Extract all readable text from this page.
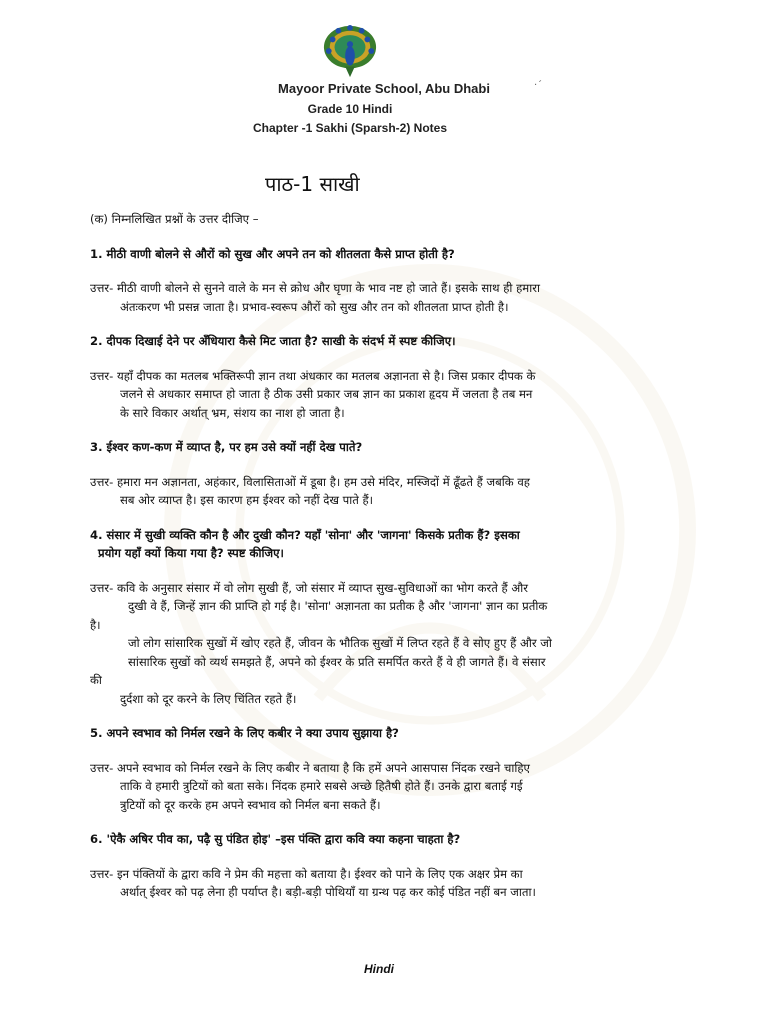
·ˊ
Mayoor Private School, Abu Dhabi
Grade 10 Hindi
Chapter -1 Sakhi (Sparsh-2) Notes
पाठ-1 साखी

(क) निम्नलिखित प्रश्नों के उत्तर दीजिए –

1. मीठी वाणी बोलने से औरों को सुख और अपने तन को शीतलता कैसे प्राप्त होती है?
उत्तर- मीठी वाणी बोलने से सुनने वाले के मन से क्रोध और घृणा के भाव नष्ट हो जाते हैं। इसके साथ ही हमारा
अंतःकरण भी प्रसन्न जाता है। प्रभाव-स्वरूप औरों को सुख और तन को शीतलता प्राप्त होती है।
2. दीपक दिखाई देने पर अँधियारा कैसे मिट जाता है? साखी के संदर्भ में स्पष्ट कीजिए।
उत्तर- यहाँ दीपक का मतलब भक्तिरूपी ज्ञान तथा अंधकार का मतलब अज्ञानता से है। जिस प्रकार दीपक के
जलने से अधकार समाप्त हो जाता है ठीक उसी प्रकार जब ज्ञान का प्रकाश हृदय में जलता है तब मन
के सारे विकार अर्थात् भ्रम, संशय का नाश हो जाता है।
3. ईश्वर कण-कण में व्याप्त है, पर हम उसे क्यों नहीं देख पाते?
उत्तर- हमारा मन अज्ञानता, अहंकार, विलासिताओं में डूबा है। हम उसे मंदिर, मस्जिदों में ढूँढते हैं जबकि वह
सब ओर व्याप्त है। इस कारण हम ईश्वर को नहीं देख पाते हैं।
4. संसार में सुखी व्यक्ति कौन है और दुखी कौन? यहाँ 'सोना' और 'जागना' किसके प्रतीक हैं? इसका
प्रयोग यहाँ क्यों किया गया है? स्पष्ट कीजिए।
उत्तर- कवि के अनुसार संसार में वो लोग सुखी हैं, जो संसार में व्याप्त सुख-सुविधाओं का भोग करते हैं और
दुखी वे हैं, जिन्हें ज्ञान की प्राप्ति हो गई है। 'सोना' अज्ञानता का प्रतीक है और 'जागना' ज्ञान का प्रतीक
है।
जो लोग सांसारिक सुखों में खोए रहते हैं, जीवन के भौतिक सुखों में लिप्त रहते हैं वे सोए हुए हैं और जो
सांसारिक सुखों को व्यर्थ समझते हैं, अपने को ईश्वर के प्रति समर्पित करते हैं वे ही जागते हैं। वे संसार
की
दुर्दशा को दूर करने के लिए चिंतित रहते हैं।
5. अपने स्वभाव को निर्मल रखने के लिए कबीर ने क्या उपाय सुझाया है?
उत्तर- अपने स्वभाव को निर्मल रखने के लिए कबीर ने बताया है कि हमें अपने आसपास निंदक रखने चाहिए
ताकि वे हमारी त्रुटियों को बता सके। निंदक हमारे सबसे अच्छे हितैषी होते हैं। उनके द्वारा बताई गई
त्रुटियों को दूर करके हम अपने स्वभाव को निर्मल बना सकते हैं।
6. 'ऐकै अषिर पीव का, पढ़ै सु पंडित होइ' –इस पंक्ति द्वारा कवि क्या कहना चाहता है?
उत्तर- इन पंक्तियों के द्वारा कवि ने प्रेम की महत्ता को बताया है। ईश्वर को पाने के लिए एक अक्षर प्रेम का
अर्थात् ईश्वर को पढ़ लेना ही पर्याप्त है। बड़ी-बड़ी पोथियाँ या ग्रन्थ पढ़ कर कोई पंडित नहीं बन जाता।
Hindi
